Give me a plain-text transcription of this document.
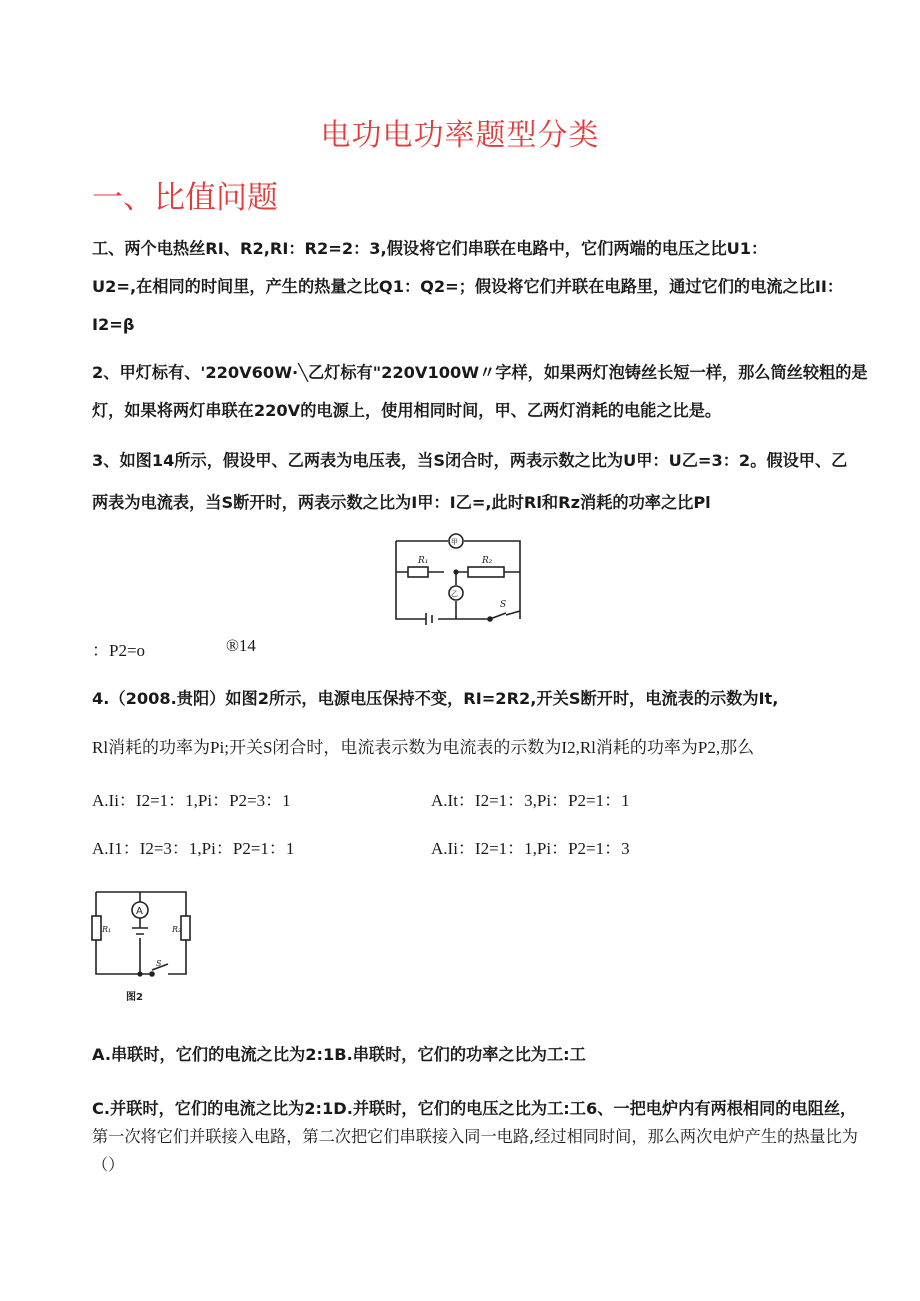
电功电功率题型分类
一、比值问题
工、两个电热丝RI、R2,RI：R2=2：3,假设将它们串联在电路中，它们两端的电压之比U1：
U2=,在相同的时间里，产生的热量之比Q1：Q2=；假设将它们并联在电路里，通过它们的电流之比II：
I2=β
2、甲灯标有、'220V60W·╲乙灯标有"220V100W〃字样，如果两灯泡铸丝长短一样，那么筒丝较粗的是
灯，如果将两灯串联在220V的电源上，使用相同时间，甲、乙两灯消耗的电能之比是。
3、如图14所示，假设甲、乙两表为电压表，当S闭合时，两表示数之比为U甲：U乙=3：2。假设甲、乙
两表为电流表，当S断开时，两表示数之比为I甲：I乙=,此时Rl和Rz消耗的功率之比Pl
R₁	R₂
甲
乙
S
：P2=o	®14
4.（2008.贵阳）如图2所示，电源电压保持不变，RI=2R2,开关S断开时，电流表的示数为It,
Rl消耗的功率为Pi;开关S闭合时，电流表示数为电流表的示数为I2,Rl消耗的功率为P2,那么
A.Ii：I2=1：1,Pi：P2=3：1	A.It：I2=1：3,Pi：P2=1：1
A.I1：I2=3：1,Pi：P2=1：1	A.Ii：I2=1：1,Pi：P2=1：3
A
R₁	R₂
S
图2
A.串联时，它们的电流之比为2:1B.串联时，它们的功率之比为工:工
C.并联时，它们的电流之比为2:1D.并联时，它们的电压之比为工:工6、一把电炉内有两根相同的电阻丝，
第一次将它们并联接入电路，第二次把它们串联接入同一电路,经过相同时间，那么两次电炉产生的热量比为
（）
